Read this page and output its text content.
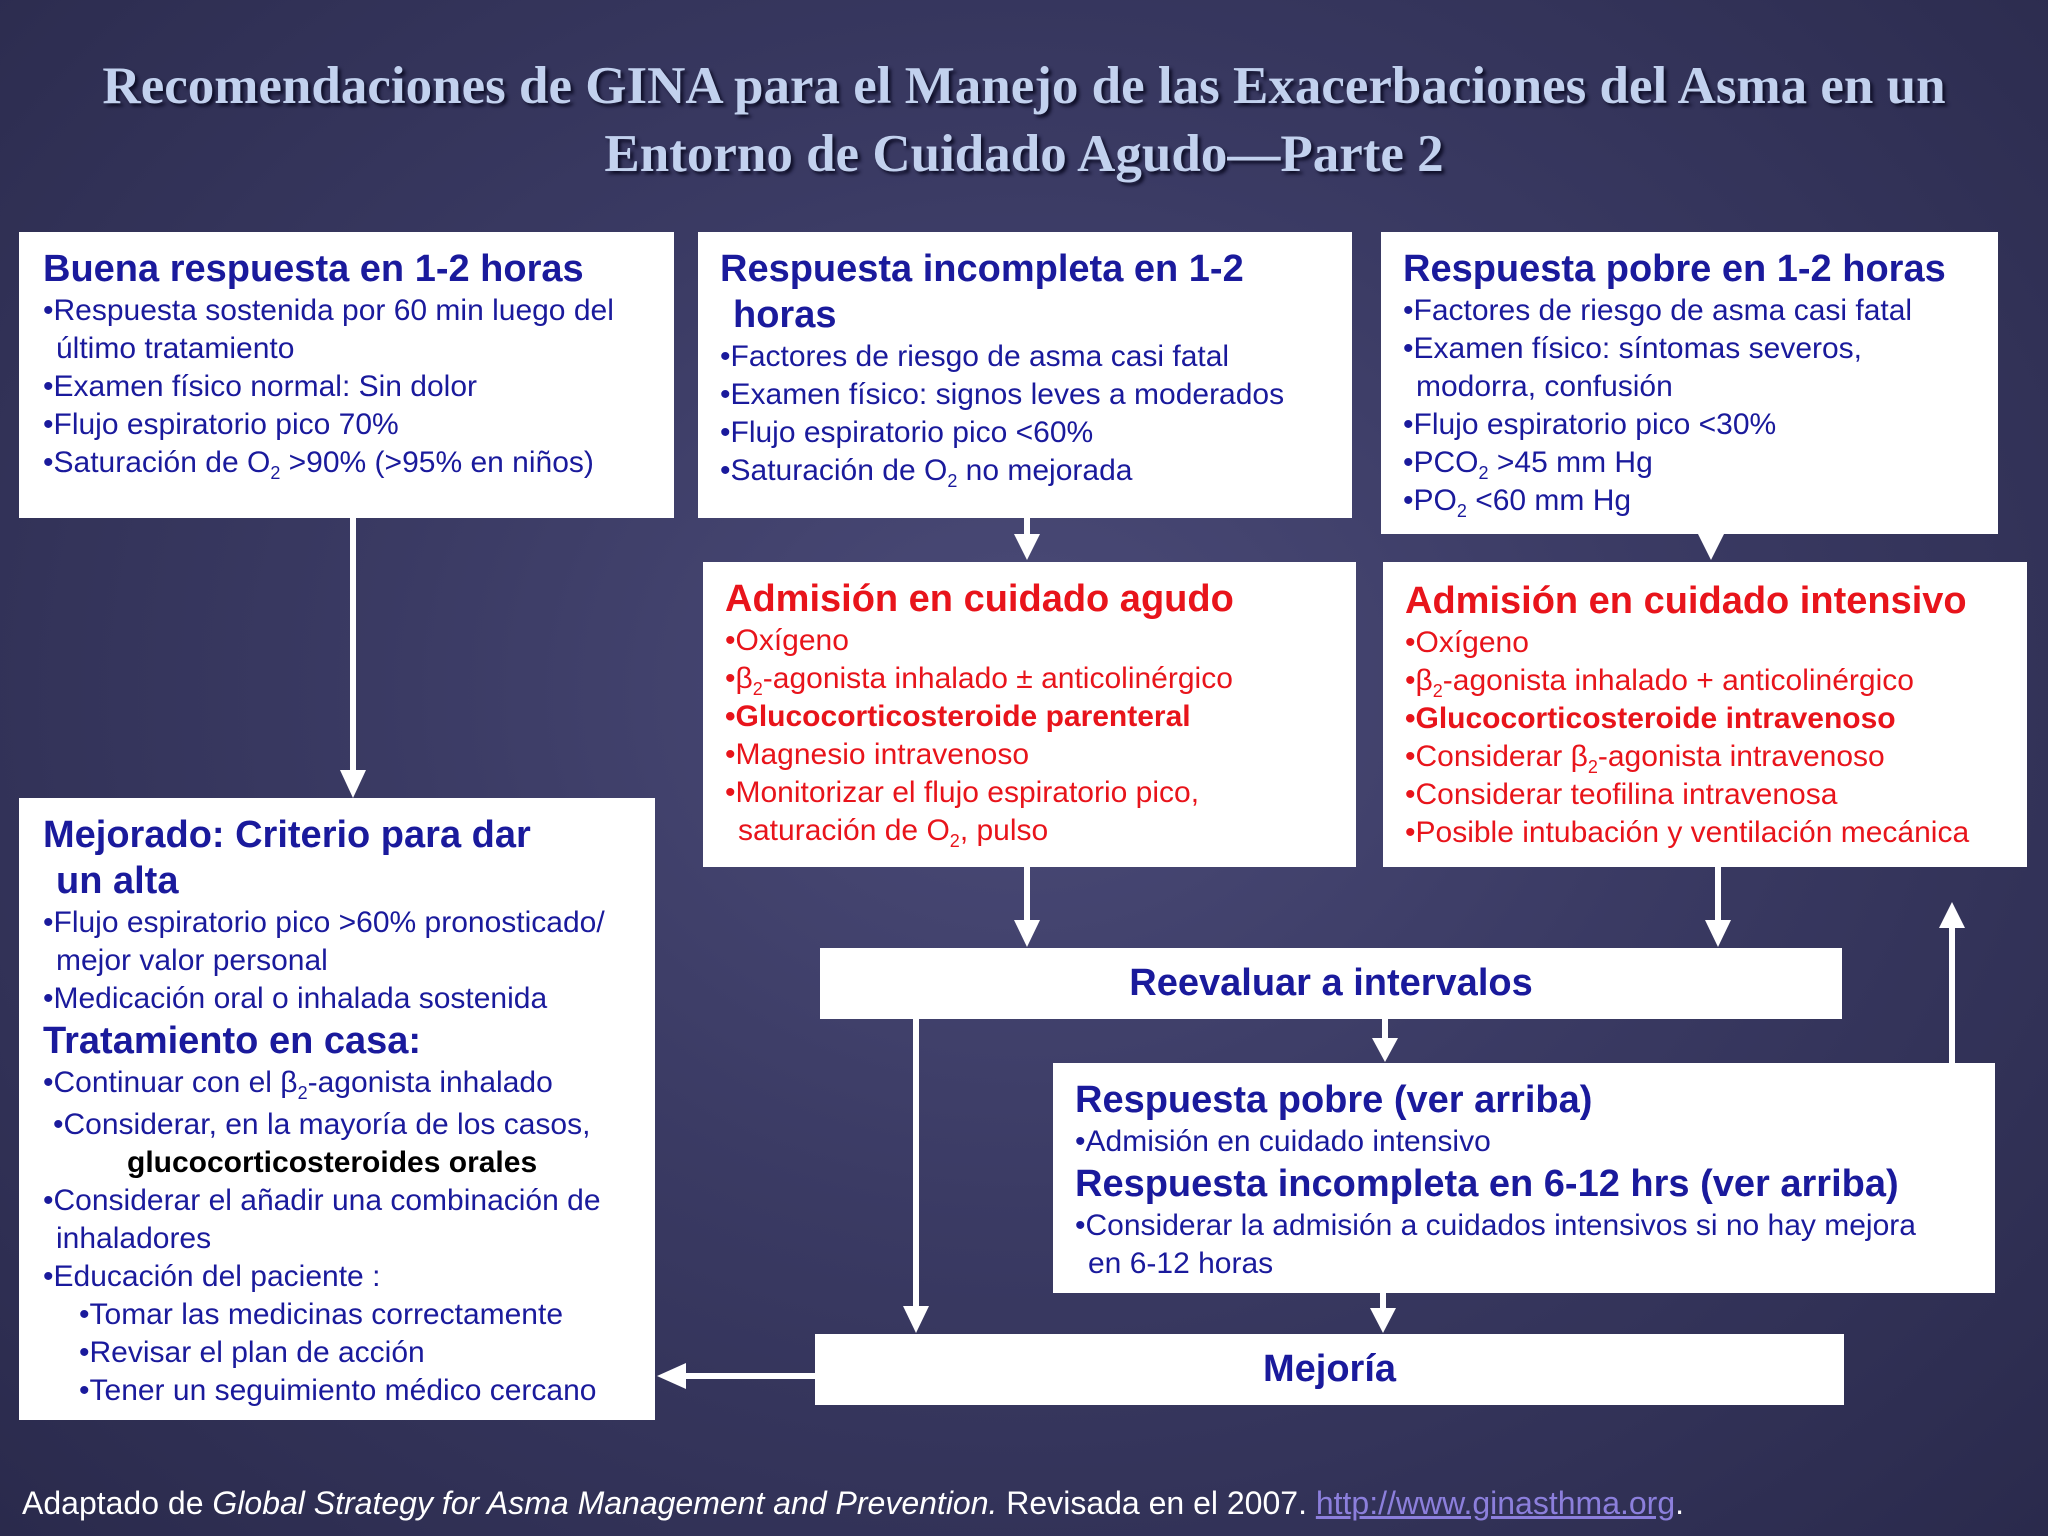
Recomendaciones de GINA para el Manejo de las Exacerbaciones del Asma en un
Entorno de Cuidado Agudo—Parte 2
Buena respuesta en 1-2 horas
•Respuesta sostenida por 60 min luego del
último tratamiento
•Examen físico normal: Sin dolor
•Flujo espiratorio pico 70%
•Saturación de $O_2 >90\%$ (>95% en niños)
Respuesta incompleta en 1-2
horas
•Factores de riesgo de asma casi fatal
•Examen físico: signos leves a moderados
•Flujo espiratorio pico <60%
•Saturación de $O_2$ no mejorada
Respuesta pobre en 1-2 horas
•Factores de riesgo de asma casi fatal
•Examen físico: síntomas severos,
modorra, confusión
•Flujo espiratorio pico <30%
$•PCO_2 >45$ mm Hg
$•PO_2 <60$ mm Hg
Admisión en cuidado agudo
•Oxígeno
$•\beta_2$-agonista inhalado ± anticolinérgico
•Glucocorticosteroide parenteral
•Magnesio intravenoso
•Monitorizar el flujo espiratorio pico,
saturación de $O_2$, pulso
Admisión en cuidado intensivo
•Oxígeno
$•\beta_2$-agonista inhalado + anticolinérgico
•Glucocorticosteroide intravenoso
•Considerar $\beta_2$-agonista intravenoso
•Considerar teofilina intravenosa
•Posible intubación y ventilación mecánica
Mejorado: Criterio para dar
un alta
•Flujo espiratorio pico >60% pronosticado/
mejor valor personal
•Medicación oral o inhalada sostenida
Tratamiento en casa:
•Continuar con el $\beta_2$-agonista inhalado
•Considerar, en la mayoría de los casos,
glucocorticosteroides orales
•Considerar el añadir una combinación de
inhaladores
•Educación del paciente :
•Tomar las medicinas correctamente
•Revisar el plan de acción
•Tener un seguimiento médico cercano
Reevaluar a intervalos
Respuesta pobre (ver arriba)
•Admisión en cuidado intensivo
Respuesta incompleta en 6-12 hrs (ver arriba)
•Considerar la admisión a cuidados intensivos si no hay mejora
en 6-12 horas
Mejoría
Adaptado de Global Strategy for Asma Management and Prevention. Revisada en el 2007. http://www.ginasthma.org.
